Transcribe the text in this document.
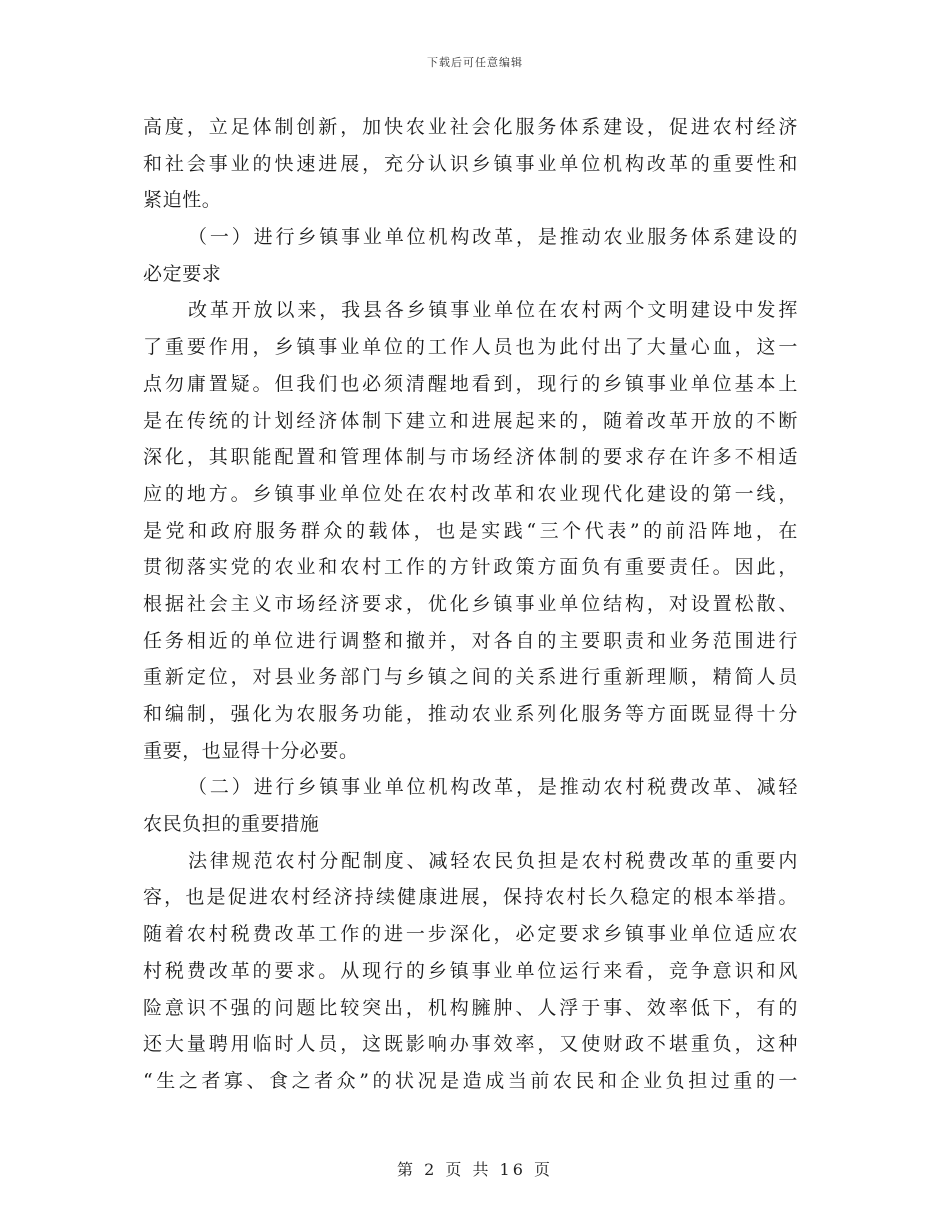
下载后可任意编辑
高度，立足体制创新，加快农业社会化服务体系建设，促进农村经济
和社会事业的快速进展，充分认识乡镇事业单位机构改革的重要性和
紧迫性。
（一）进行乡镇事业单位机构改革，是推动农业服务体系建设的
必定要求
改革开放以来，我县各乡镇事业单位在农村两个文明建设中发挥
了重要作用，乡镇事业单位的工作人员也为此付出了大量心血，这一
点勿庸置疑。但我们也必须清醒地看到，现行的乡镇事业单位基本上
是在传统的计划经济体制下建立和进展起来的，随着改革开放的不断
深化，其职能配置和管理体制与市场经济体制的要求存在许多不相适
应的地方。乡镇事业单位处在农村改革和农业现代化建设的第一线，
是党和政府服务群众的载体，也是实践“三个代表”的前沿阵地，在
贯彻落实党的农业和农村工作的方针政策方面负有重要责任。因此，
根据社会主义市场经济要求，优化乡镇事业单位结构，对设置松散、
任务相近的单位进行调整和撤并，对各自的主要职责和业务范围进行
重新定位，对县业务部门与乡镇之间的关系进行重新理顺，精简人员
和编制，强化为农服务功能，推动农业系列化服务等方面既显得十分
重要，也显得十分必要。
（二）进行乡镇事业单位机构改革，是推动农村税费改革、减轻
农民负担的重要措施
法律规范农村分配制度、减轻农民负担是农村税费改革的重要内
容，也是促进农村经济持续健康进展，保持农村长久稳定的根本举措。
随着农村税费改革工作的进一步深化，必定要求乡镇事业单位适应农
村税费改革的要求。从现行的乡镇事业单位运行来看，竞争意识和风
险意识不强的问题比较突出，机构臃肿、人浮于事、效率低下，有的
还大量聘用临时人员，这既影响办事效率，又使财政不堪重负，这种
“生之者寡、食之者众”的状况是造成当前农民和企业负担过重的一
第 2 页 共 16 页
